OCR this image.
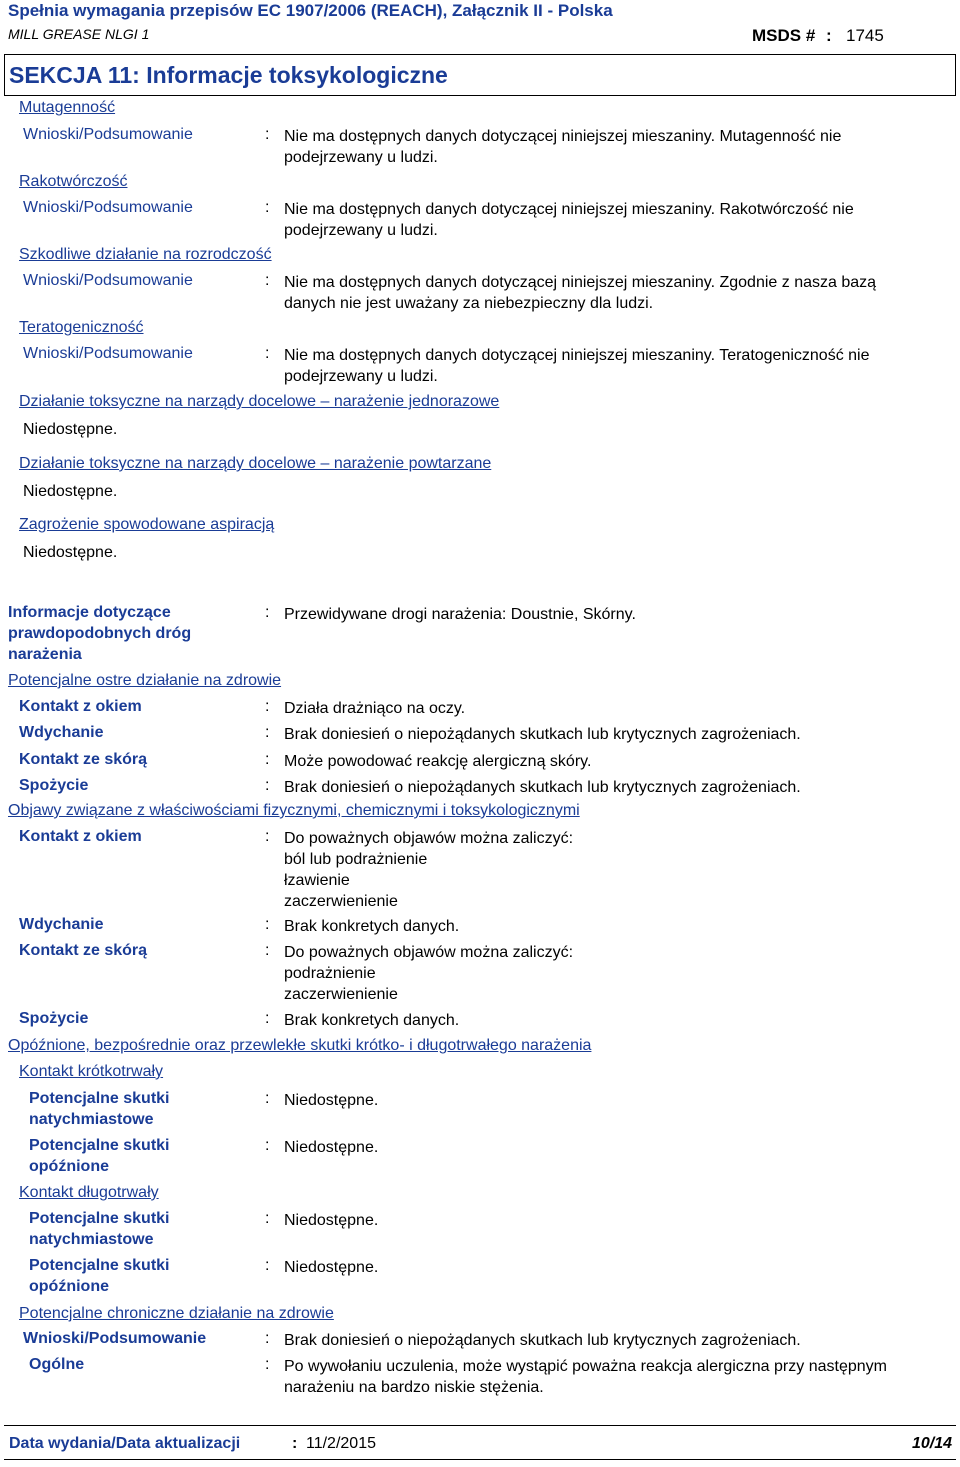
Spełnia wymagania przepisów EC 1907/2006 (REACH), Załącznik II - Polska
MILL GREASE NLGI 1	MSDS # : 1745
SEKCJA 11: Informacje toksykologiczne
Mutagenność
Wnioski/Podsumowanie	: Nie ma dostępnych danych dotyczącej niniejszej mieszaniny. Mutagenność nie
podejrzewany u ludzi.
Rakotwórczość
Wnioski/Podsumowanie	: Nie ma dostępnych danych dotyczącej niniejszej mieszaniny. Rakotwórczość nie
podejrzewany u ludzi.
Szkodliwe działanie na rozrodczość
Wnioski/Podsumowanie	: Nie ma dostępnych danych dotyczącej niniejszej mieszaniny. Zgodnie z nasza bazą
danych nie jest uważany za niebezpieczny dla ludzi.
Teratogeniczność
Wnioski/Podsumowanie	: Nie ma dostępnych danych dotyczącej niniejszej mieszaniny. Teratogeniczność nie
podejrzewany u ludzi.
Działanie toksyczne na narządy docelowe – narażenie jednorazowe
Niedostępne.
Działanie toksyczne na narządy docelowe – narażenie powtarzane
Niedostępne.
Zagrożenie spowodowane aspiracją
Niedostępne.
Informacje dotyczące
prawdopodobnych dróg
narażenia
: Przewidywane drogi narażenia: Doustnie, Skórny.
Potencjalne ostre działanie na zdrowie
Kontakt z okiem	: Działa drażniąco na oczy.
Wdychanie	: Brak doniesień o niepożądanych skutkach lub krytycznych zagrożeniach.
Kontakt ze skórą	: Może powodować reakcję alergiczną skóry.
Spożycie	: Brak doniesień o niepożądanych skutkach lub krytycznych zagrożeniach.
Objawy związane z właściwościami fizycznymi, chemicznymi i toksykologicznymi
Kontakt z okiem	: Do poważnych objawów można zaliczyć:
ból lub podrażnienie
łzawienie
zaczerwienienie
Wdychanie	: Brak konkretych danych.
Kontakt ze skórą	: Do poważnych objawów można zaliczyć:
podrażnienie
zaczerwienienie
Spożycie	: Brak konkretych danych.
Opóźnione, bezpośrednie oraz przewlekłe skutki krótko- i długotrwałego narażenia
Kontakt krótkotrwały
Potencjalne skutki
natychmiastowe
: Niedostępne.
Potencjalne skutki
opóźnione
: Niedostępne.
Kontakt długotrwały
Potencjalne skutki
natychmiastowe
: Niedostępne.
Potencjalne skutki
opóźnione
: Niedostępne.
Potencjalne chroniczne działanie na zdrowie
Wnioski/Podsumowanie	: Brak doniesień o niepożądanych skutkach lub krytycznych zagrożeniach.
Ogólne	: Po wywołaniu uczulenia, może wystąpić poważna reakcja alergiczna przy następnym
narażeniu na bardzo niskie stężenia.
Data wydania/Data aktualizacji	: 11/2/2015	10/14
